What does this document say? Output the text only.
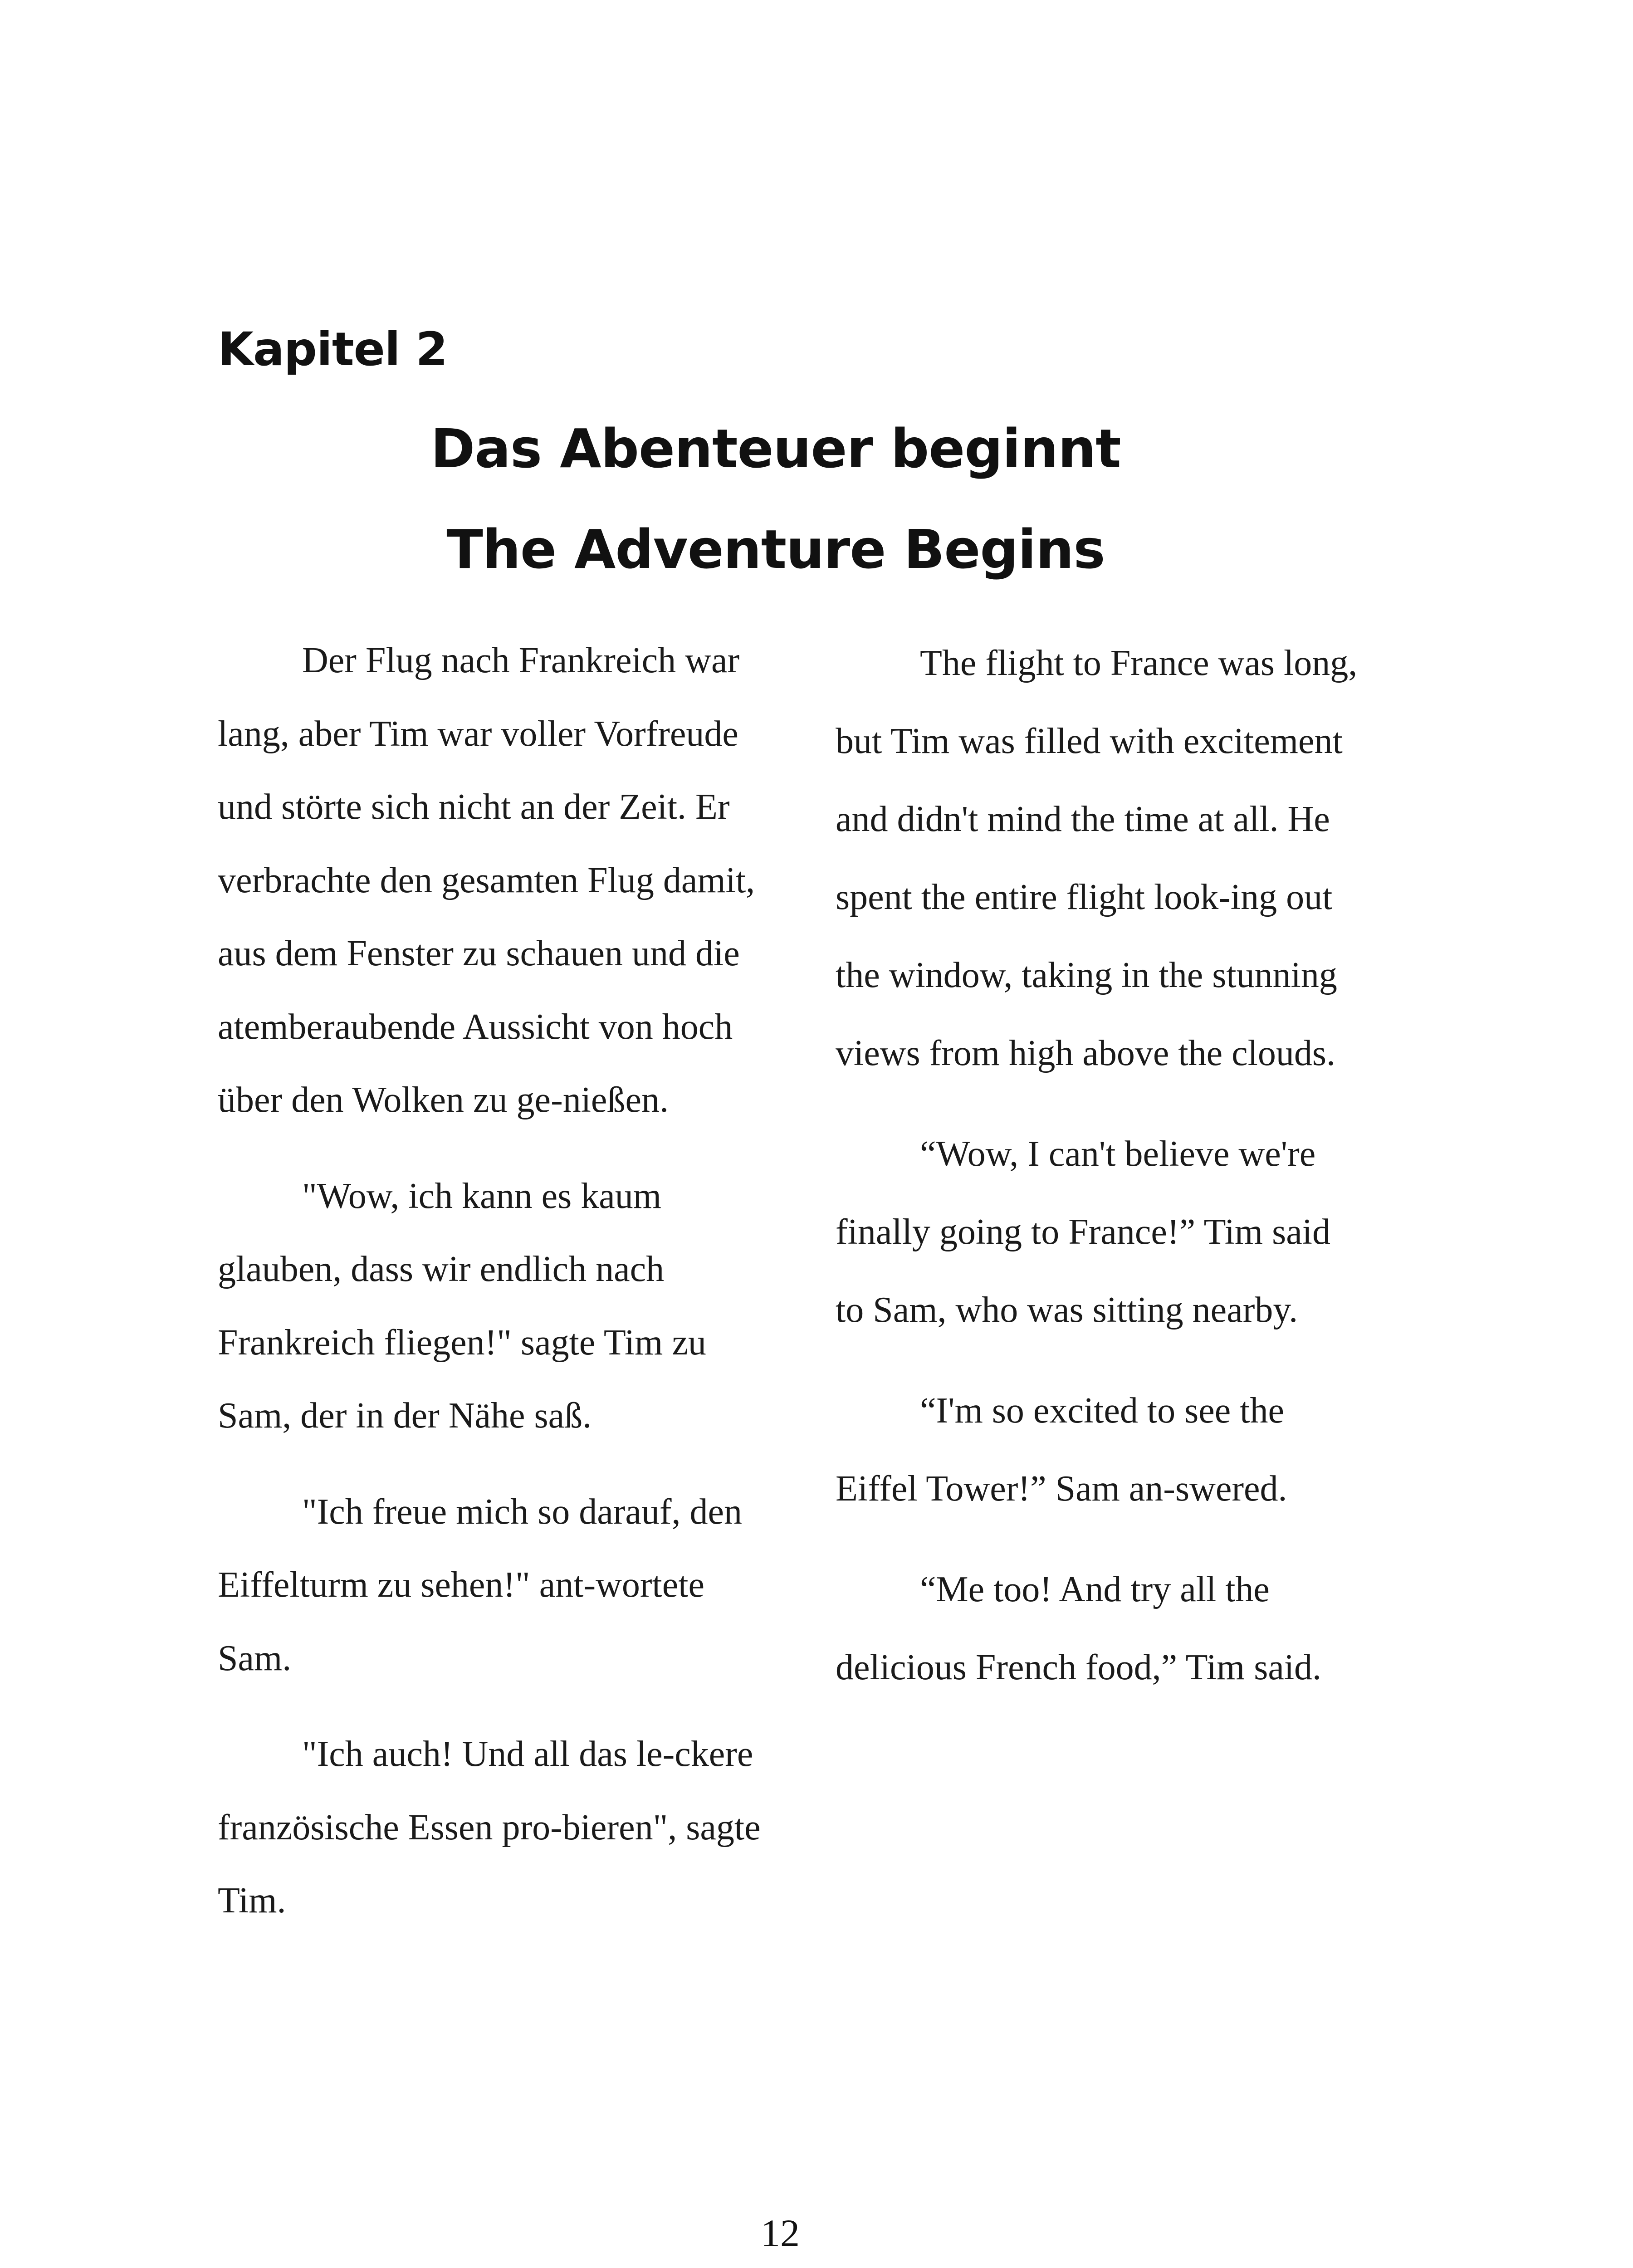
Kapitel 2
Das Abenteuer beginnt
The Adventure Begins

Der Flug nach Frankreich war lang, aber Tim war voller Vorfreude und störte sich nicht an der Zeit. Er verbrachte den gesamten Flug damit, aus dem Fenster zu schauen und die atemberaubende Aussicht von hoch über den Wolken zu ge-nießen.

"Wow, ich kann es kaum glauben, dass wir endlich nach Frankreich fliegen!" sagte Tim zu Sam, der in der Nähe saß.

"Ich freue mich so darauf, den Eiffelturm zu sehen!" ant-wortete Sam.

"Ich auch! Und all das le-ckere französische Essen pro-bieren", sagte Tim.

The flight to France was long, but Tim was filled with excitement and didn't mind the time at all. He spent the entire flight look-ing out the window, taking in the stunning views from high above the clouds.

“Wow, I can't believe we're finally going to France!” Tim said to Sam, who was sitting nearby.

“I'm so excited to see the Eiffel Tower!” Sam an-swered.

“Me too! And try all the delicious French food,” Tim said.

12
